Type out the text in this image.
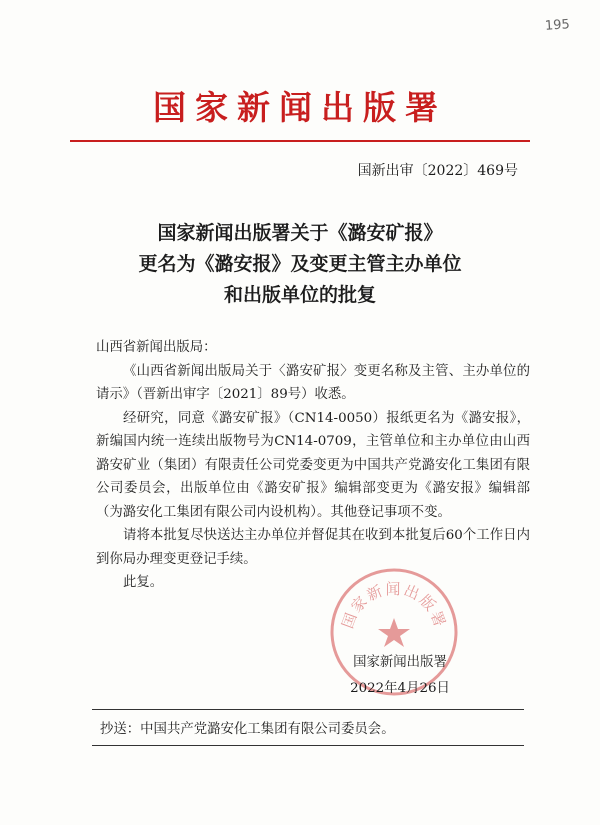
195
国家新闻出版署
国新出审〔2022〕469号
国家新闻出版署关于《潞安矿报》
更名为《潞安报》及变更主管主办单位
和出版单位的批复

山西省新闻出版局：

《山西省新闻出版局关于〈潞安矿报〉变更名称及主管、主办单位的请示》（晋新出审字〔2021〕89号）收悉。

经研究，同意《潞安矿报》（CN14-0050）报纸更名为《潞安报》，新编国内统一连续出版物号为CN14-0709，主管单位和主办单位由山西潞安矿业（集团）有限责任公司党委变更为中国共产党潞安化工集团有限公司委员会，出版单位由《潞安矿报》编辑部变更为《潞安报》编辑部（为潞安化工集团有限公司内设机构）。其他登记事项不变。

请将本批复尽快送达主办单位并督促其在收到本批复后60个工作日内到你局办理变更登记手续。

此复。

国家新闻出版署
国家新闻出版署
2022年4月26日
抄送：中国共产党潞安化工集团有限公司委员会。
